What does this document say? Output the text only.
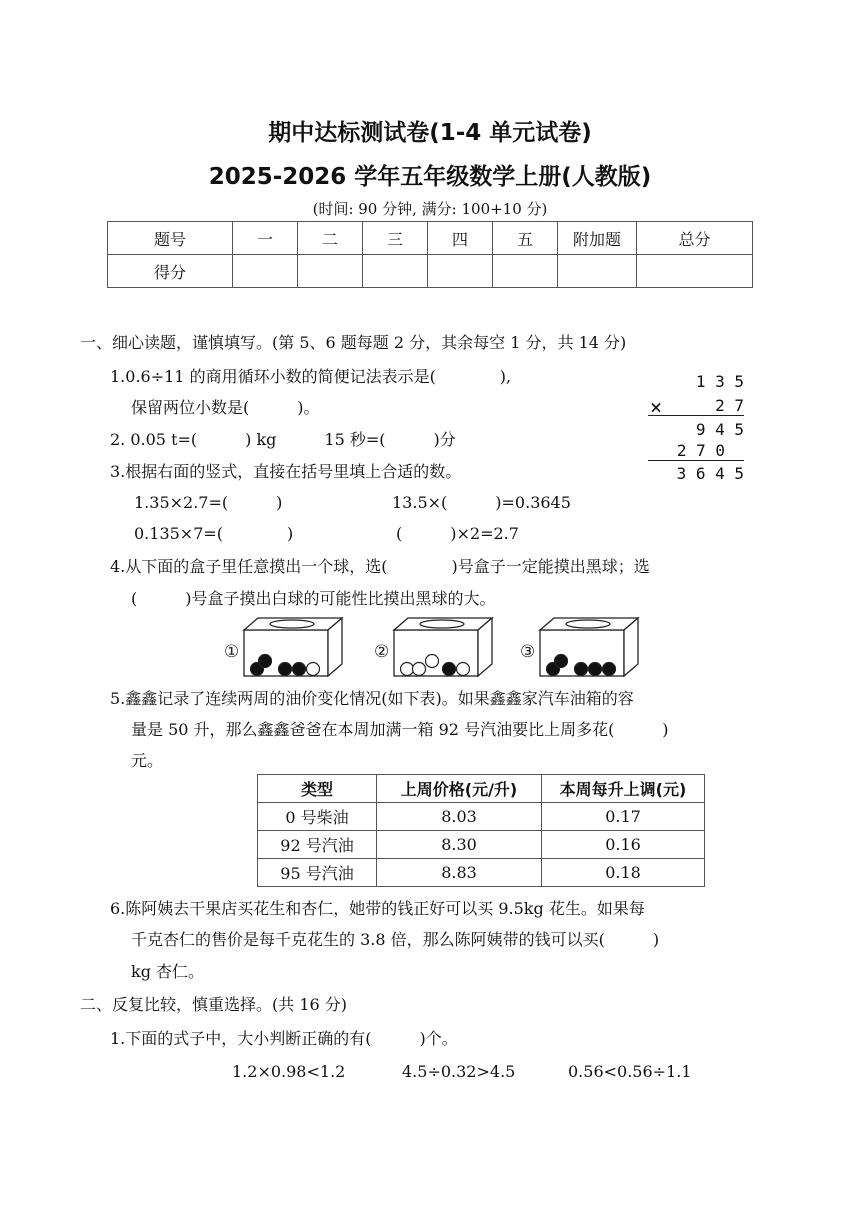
期中达标测试卷(1-4 单元试卷)
2025-2026 学年五年级数学上册(人教版)
(时间: 90 分钟, 满分: 100+10 分)
题号	一	二	三	四	五	附加题	总分
得分							
一、细心读题，谨慎填写。(第 5、6 题每题 2 分，其余每空 1 分，共 14 分)
1.0.6÷11 的商用循环小数的简便记法表示是(　　　　),
保留两位小数是(　　　)。
2. 0.05 t=(　　　) kg　　　15 秒=(　　　)分
3.根据右面的竖式，直接在括号里填上合适的数。
1.35×2.7=(　　　)	13.5×(　　　)=0.3645
0.135×7=(　　　　)	(　　　)×2=2.7
1 3 5
×	2 7
9 4 5
2 7 0
3 6 4 5
4.从下面的盒子里任意摸出一个球，选(　　　　)号盒子一定能摸出黑球；选
(　　　)号盒子摸出白球的可能性比摸出黑球的大。
①	②	③
5.鑫鑫记录了连续两周的油价变化情况(如下表)。如果鑫鑫家汽车油箱的容
量是 50 升，那么鑫鑫爸爸在本周加满一箱 92 号汽油要比上周多花(　　　)
元。
类型	上周价格(元/升)	本周每升上调(元)
0 号柴油	8.03	0.17
92 号汽油	8.30	0.16
95 号汽油	8.83	0.18
6.陈阿姨去干果店买花生和杏仁，她带的钱正好可以买 9.5kg 花生。如果每
千克杏仁的售价是每千克花生的 3.8 倍，那么陈阿姨带的钱可以买(　　　)
kg 杏仁。
二、反复比较，慎重选择。(共 16 分)
1.下面的式子中，大小判断正确的有(　　　)个。
1.2×0.98<1.2	4.5÷0.32>4.5	0.56<0.56÷1.1
